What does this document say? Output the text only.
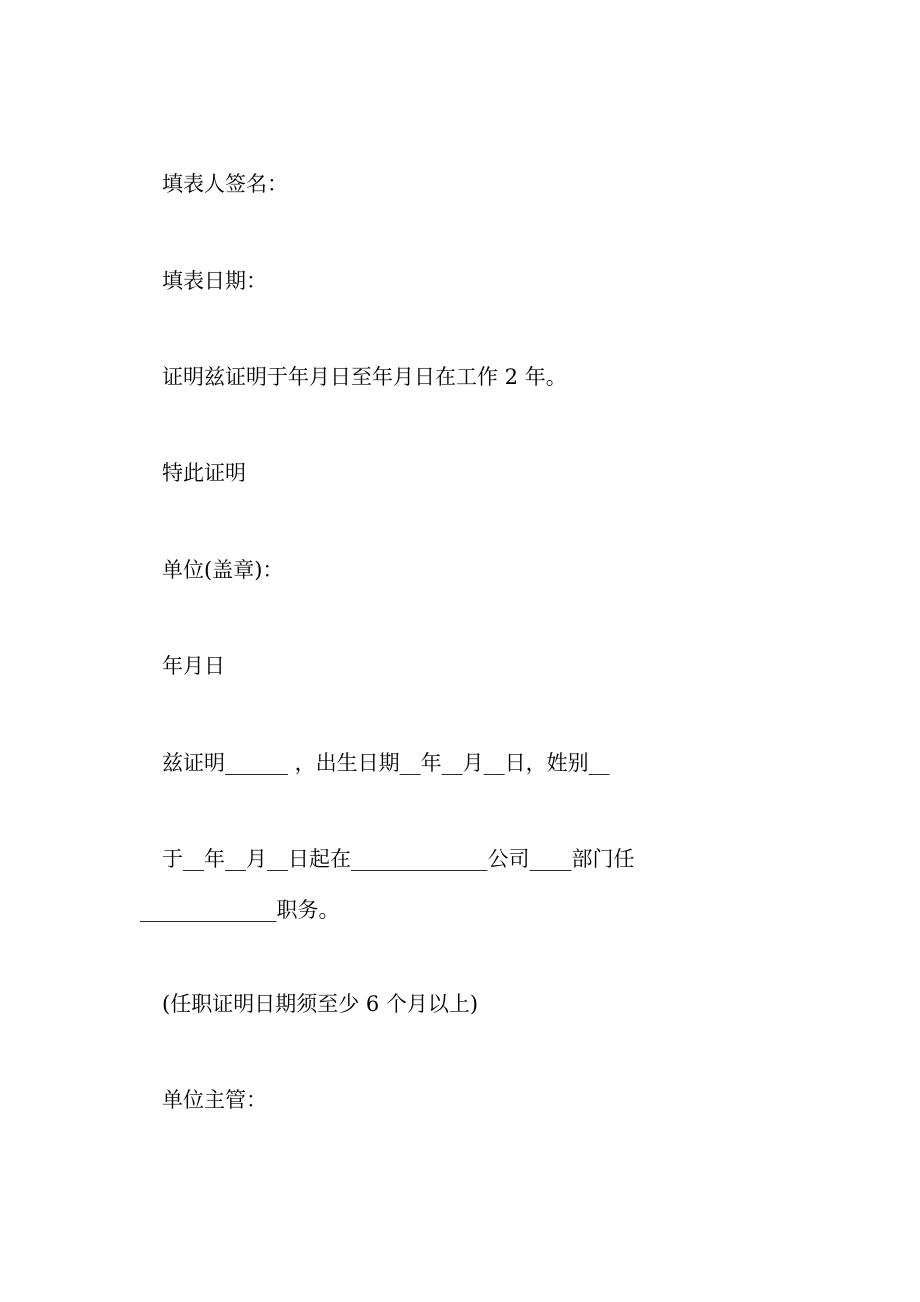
填表人签名：
填表日期：
证明兹证明于年月日至年月日在工作 2 年。
特此证明
单位(盖章)：
年月日
兹证明______ ，出生日期__年__月__日，姓别__
于__年__月__日起在_____________公司____部门任
_____________职务。
(任职证明日期须至少 6 个月以上)
单位主管：
